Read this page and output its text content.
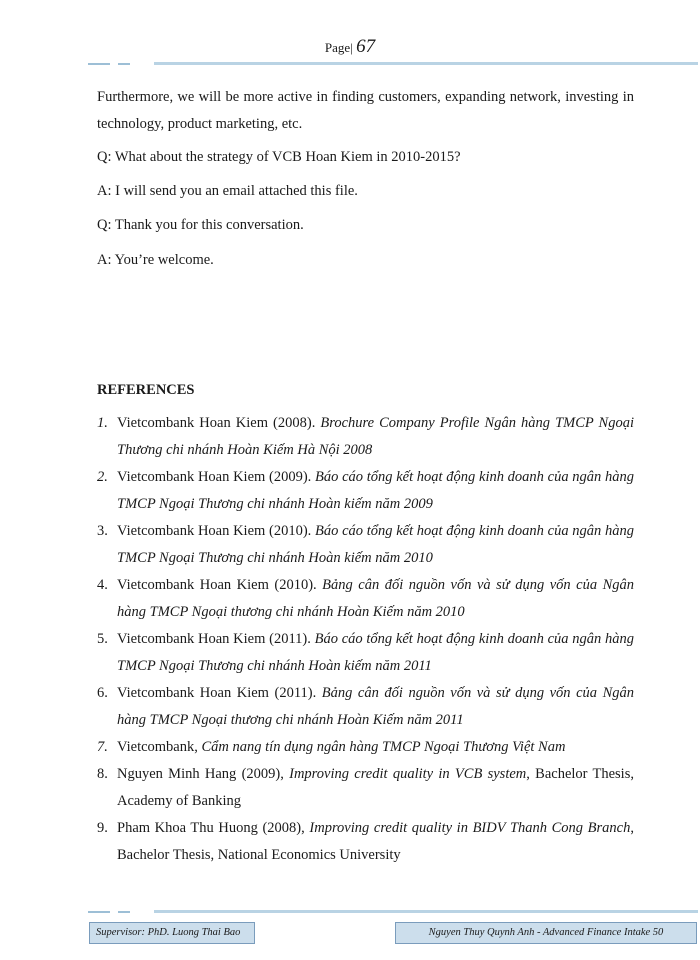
Page| 67

Furthermore, we will be more active in finding customers, expanding network, investing in technology, product marketing, etc.

Q: What about the strategy of VCB Hoan Kiem in 2010-2015?
A: I will send you an email attached this file.
Q: Thank you for this conversation.
A: You’re welcome.
REFERENCES
1. Vietcombank Hoan Kiem (2008). Brochure Company Profile Ngân hàng TMCP Ngoại Thương chi nhánh Hoàn Kiếm Hà Nội 2008
2. Vietcombank Hoan Kiem (2009). Báo cáo tổng kết hoạt động kinh doanh của ngân hàng TMCP Ngoại Thương chi nhánh Hoàn kiếm năm 2009
3. Vietcombank Hoan Kiem (2010). Báo cáo tổng kết hoạt động kinh doanh của ngân hàng TMCP Ngoại Thương chi nhánh Hoàn kiếm năm 2010
4. Vietcombank Hoan Kiem (2010). Bảng cân đối nguồn vốn và sử dụng vốn của Ngân hàng TMCP Ngoại thương chi nhánh Hoàn Kiếm năm 2010
5. Vietcombank Hoan Kiem (2011). Báo cáo tổng kết hoạt động kinh doanh của ngân hàng TMCP Ngoại Thương chi nhánh Hoàn kiếm năm 2011
6. Vietcombank Hoan Kiem (2011). Bảng cân đối nguồn vốn và sử dụng vốn của Ngân hàng TMCP Ngoại thương chi nhánh Hoàn Kiếm năm 2011
7. Vietcombank, Cẩm nang tín dụng ngân hàng TMCP Ngoại Thương Việt Nam
8. Nguyen Minh Hang (2009), Improving credit quality in VCB system, Bachelor Thesis, Academy of Banking
9. Pham Khoa Thu Huong (2008), Improving credit quality in BIDV Thanh Cong Branch, Bachelor Thesis, National Economics University
Supervisor: PhD. Luong Thai Bao	Nguyen Thuy Quynh Anh - Advanced Finance Intake 50
